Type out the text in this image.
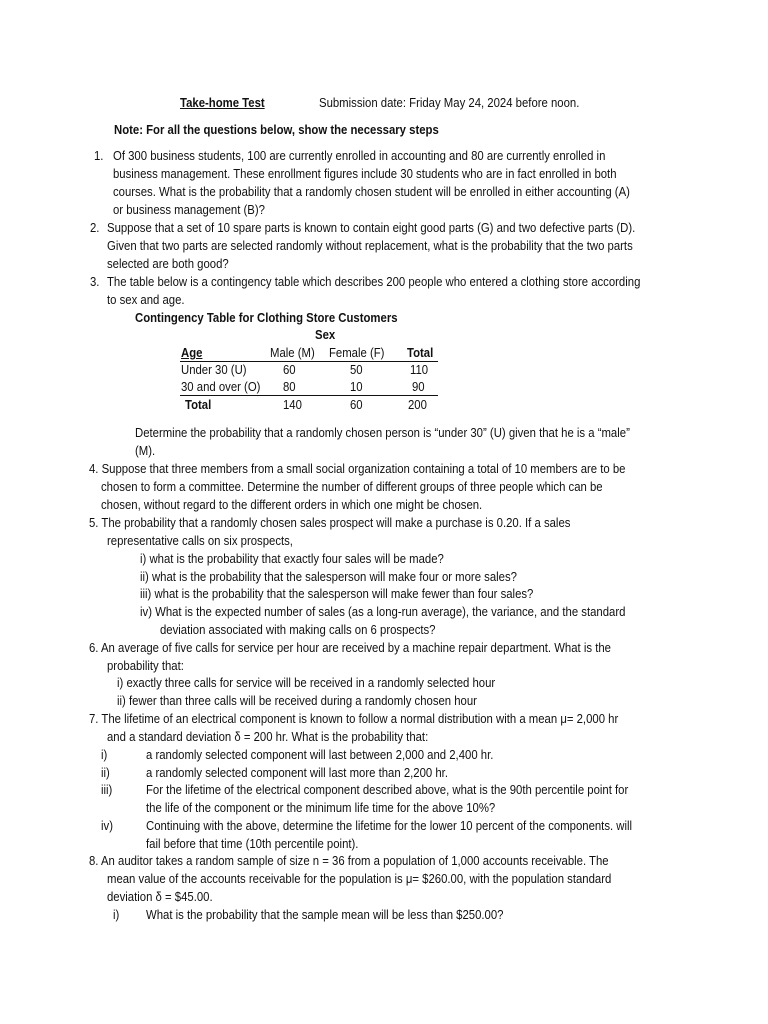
Take-home Test	Submission date: Friday May 24, 2024 before noon.
Note: For all the questions below, show the necessary steps
1. Of 300 business students, 100 are currently enrolled in accounting and 80 are currently enrolled in
business management. These enrollment figures include 30 students who are in fact enrolled in both
courses. What is the probability that a randomly chosen student will be enrolled in either accounting (A)
or business management (B)?
2. Suppose that a set of 10 spare parts is known to contain eight good parts (G) and two defective parts (D).
Given that two parts are selected randomly without replacement, what is the probability that the two parts
selected are both good?
3. The table below is a contingency table which describes 200 people who entered a clothing store according
to sex and age.
Contingency Table for Clothing Store Customers
Sex
Age	Male (M) Female (F) Total
Under 30 (U)	60	50	110
30 and over (O) 80	10	90
Total	140	60	200
Determine the probability that a randomly chosen person is “under 30” (U) given that he is a “male”
(M).
4. Suppose that three members from a small social organization containing a total of 10 members are to be
chosen to form a committee. Determine the number of different groups of three people which can be
chosen, without regard to the different orders in which one might be chosen.
5. The probability that a randomly chosen sales prospect will make a purchase is 0.20. If a sales
representative calls on six prospects,
i) what is the probability that exactly four sales will be made?
ii) what is the probability that the salesperson will make four or more sales?
iii) what is the probability that the salesperson will make fewer than four sales?
iv) What is the expected number of sales (as a long-run average), the variance, and the standard
deviation associated with making calls on 6 prospects?
6. An average of five calls for service per hour are received by a machine repair department. What is the
probability that:
i) exactly three calls for service will be received in a randomly selected hour
ii) fewer than three calls will be received during a randomly chosen hour
7. The lifetime of an electrical component is known to follow a normal distribution with a mean μ= 2,000 hr
and a standard deviation δ = 200 hr. What is the probability that:
i)	a randomly selected component will last between 2,000 and 2,400 hr.
ii)	a randomly selected component will last more than 2,200 hr.
iii)	For the lifetime of the electrical component described above, what is the 90th percentile point for
the life of the component or the minimum life time for the above 10%?
iv)	Continuing with the above, determine the lifetime for the lower 10 percent of the components. will
fail before that time (10th percentile point).
8. An auditor takes a random sample of size n = 36 from a population of 1,000 accounts receivable. The
mean value of the accounts receivable for the population is μ= $260.00, with the population standard
deviation δ = $45.00.
i) What is the probability that the sample mean will be less than $250.00?
